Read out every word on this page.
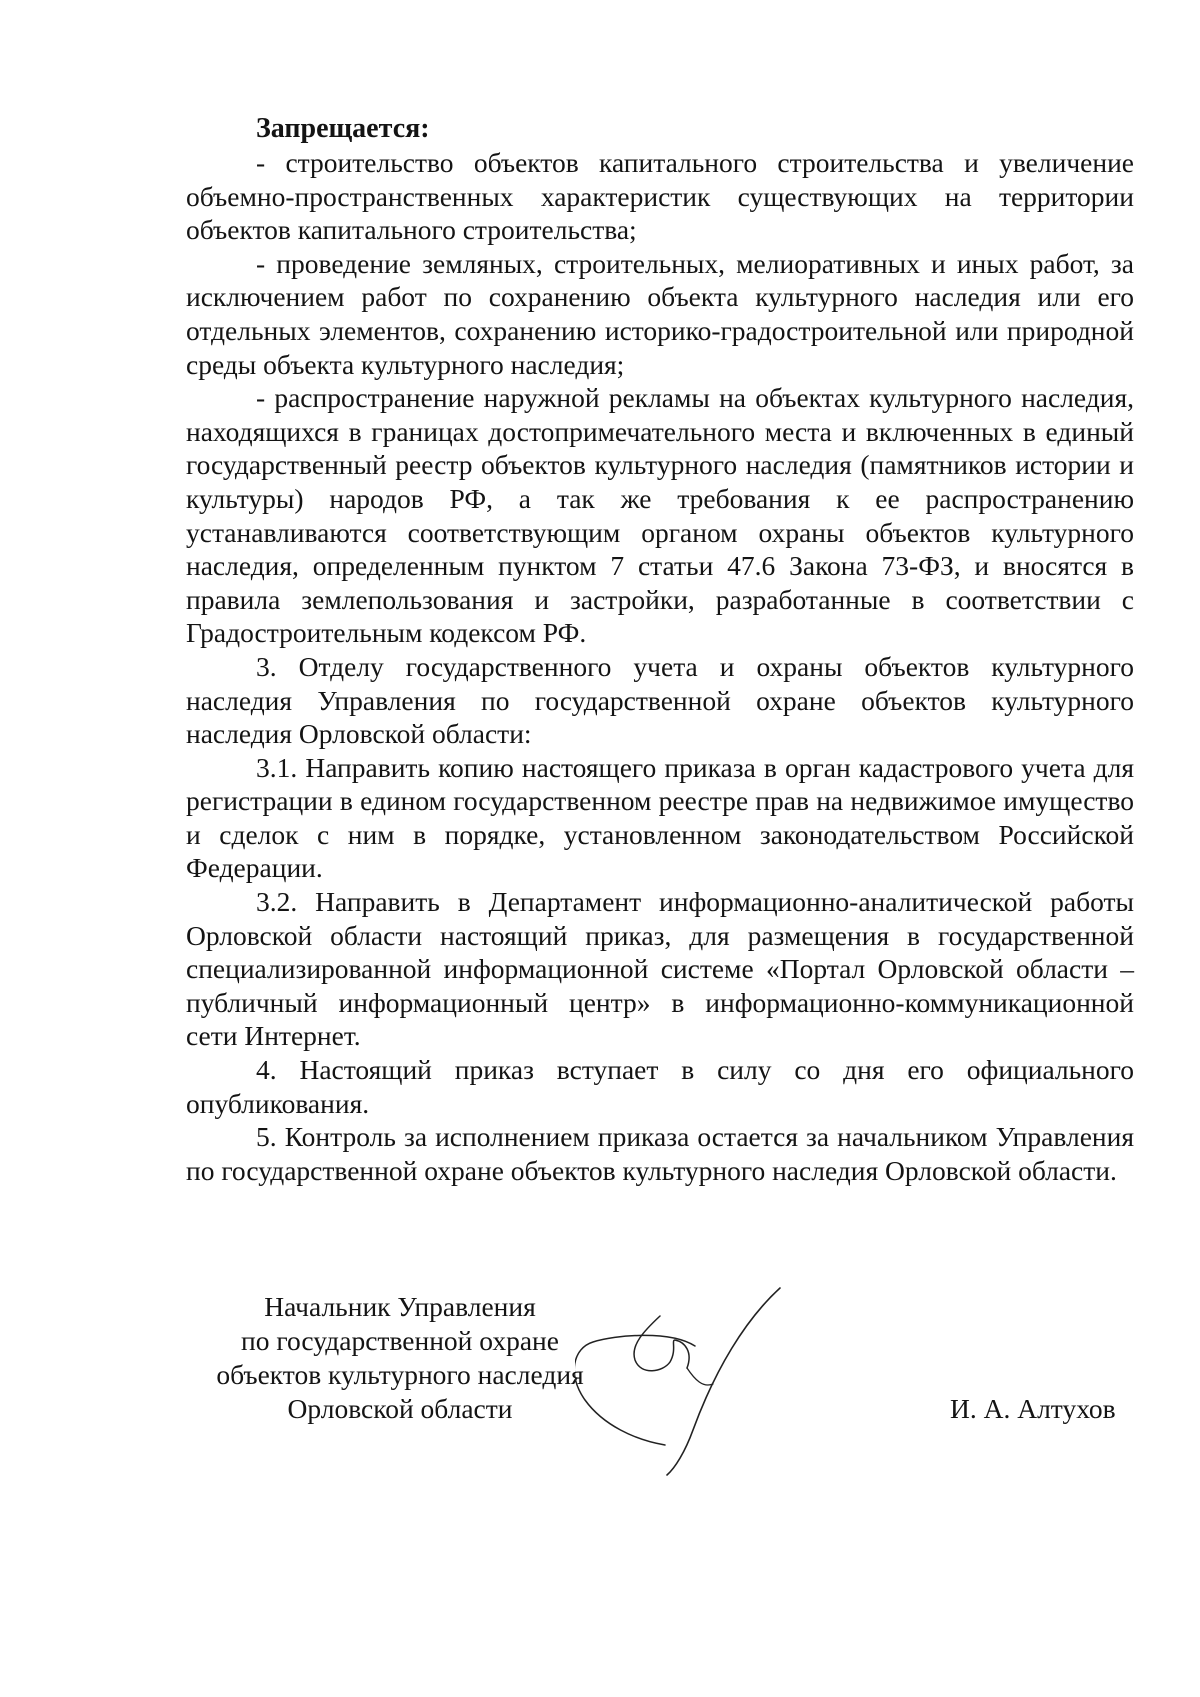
Запрещается:

- строительство объектов капитального строительства и увеличение объемно-пространственных характеристик существующих на территории объектов капитального строительства;

- проведение земляных, строительных, мелиоративных и иных работ, за исключением работ по сохранению объекта культурного наследия или его отдельных элементов, сохранению историко-градостроительной или природной среды объекта культурного наследия;

- распространение наружной рекламы на объектах культурного наследия, находящихся в границах достопримечательного места и включенных в единый государственный реестр объектов культурного наследия (памятников истории и культуры) народов РФ, а так же требования к ее распространению устанавливаются соответствующим органом охраны объектов культурного наследия, определенным пунктом 7 статьи 47.6 Закона 73-ФЗ, и вносятся в правила землепользования и застройки, разработанные в соответствии с Градостроительным кодексом РФ.

3. Отделу государственного учета и охраны объектов культурного наследия Управления по государственной охране объектов культурного наследия Орловской области:

3.1. Направить копию настоящего приказа в орган кадастрового учета для регистрации в едином государственном реестре прав на недвижимое имущество и сделок с ним в порядке, установленном законодательством Российской Федерации.

3.2. Направить в Департамент информационно-аналитической работы Орловской области настоящий приказ, для размещения в государственной специализированной информационной системе «Портал Орловской области – публичный информационный центр» в информационно-коммуникационной сети Интернет.

4. Настоящий приказ вступает в силу со дня его официального опубликования.

5. Контроль за исполнением приказа остается за начальником Управления по государственной охране объектов культурного наследия Орловской области.

Начальник Управления
по государственной охране
объектов культурного наследия
Орловской области	И. А. Алтухов
